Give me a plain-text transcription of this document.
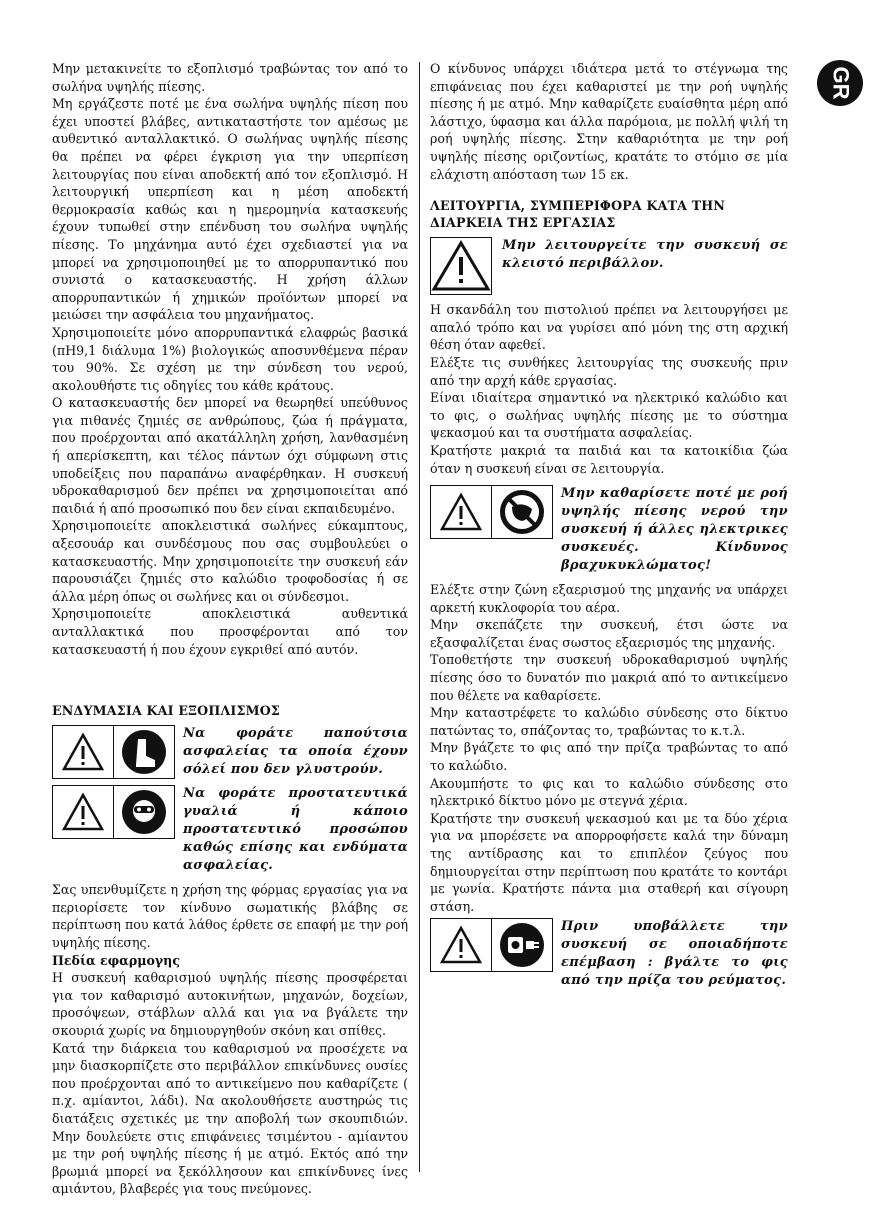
GR

Μην μετακινείτε το εξοπλισμό τραβώντας τον από το σωλήνα υψηλής πίεσης.

Μη εργάζεστε ποτέ με ένα σωλήνα υψηλής πίεση που έχει υποστεί βλάβες, αντικαταστήστε τον αμέσως με αυθεντικό ανταλλακτικό. Ο σωλήνας υψηλής πίεσης θα πρέπει να φέρει έγκριση για την υπερπίεση λειτουργίας που είναι αποδεκτή από τον εξοπλισμό. Η λειτουργική υπερπίεση και η μέση αποδεκτή θερμοκρασία καθώς και η ημερομηνία κατασκευής έχουν τυπωθεί στην επένδυση του σωλήνα υψηλής πίεσης. Το μηχάνημα αυτό έχει σχεδιαστεί για να μπορεί να χρησιμοποιηθεί με το απορρυπαντικό που συνιστά ο κατασκευαστής. Η χρήση άλλων απορρυπαντικών ή χημικών προϊόντων μπορεί να μειώσει την ασφάλεια του μηχανήματος.

Χρησιμοποιείτε μόνο απορρυπαντικά ελαφρώς βασικά (πΗ9,1 διάλυμα 1%) βιολογικώς αποσυνθέμενα πέραν του 90%. Σε σχέση με την σύνδεση του νερού, ακολουθήστε τις οδηγίες του κάθε κράτους.

Ο κατασκευαστής δεν μπορεί να θεωρηθεί υπεύθυνος για πιθανές ζημιές σε ανθρώπους, ζώα ή πράγματα, που προέρχονται από ακατάλληλη χρήση, λανθασμένη ή απερίσκεπτη, και τέλος πάντων όχι σύμφωνη στις υποδείξεις που παραπάνω αναφέρθηκαν. Η συσκευή υδροκαθαρισμού δεν πρέπει να χρησιμοποιείται από παιδιά ή από προσωπικό που δεν είναι εκπαιδευμένο.

Χρησιμοποιείτε αποκλειστικά σωλήνες εύκαμπτους, αξεσουάρ και συνδέσμους που σας συμβουλεύει ο κατασκευαστής. Μην χρησιμοποιείτε την συσκευή εάν παρουσιάζει ζημιές στο καλώδιο τροφοδοσίας ή σε άλλα μέρη όπως οι σωλήνες και οι σύνδεσμοι.

Χρησιμοποιείτε αποκλειστικά αυθεντικά ανταλλακτικά που προσφέρονται από τον κατασκευαστή ή που έχουν εγκριθεί από αυτόν.

ΕΝΔΥΜΑΣΙΑ ΚΑΙ ΕΞΟΠΛΙΣΜΟΣ
Να φοράτε παπούτσια ασφαλείας τα οποία έχουν σόλεί που δεν γλυστρούν.
Να φοράτε προστατευτικά γυαλιά ή κάποιο προστατευτικό προσώπου καθώς επίσης και ενδύματα ασφαλείας.

Σας υπενθυμίζετε η χρήση της φόρμας εργασίας για να περιορίσετε τον κίνδυνο σωματικής βλάβης σε περίπτωση που κατά λάθος έρθετε σε επαφή με την ροή υψηλής πίεσης.

Πεδία εφαρμογης

Η συσκευή καθαρισμού υψηλής πίεσης προσφέρεται για τον καθαρισμό αυτοκινήτων, μηχανών, δοχείων, προσόψεων, στάβλων αλλά και για να βγάλετε την σκουριά χωρίς να δημιουργηθούν σκόνη και σπίθες.

Κατά την διάρκεια του καθαρισμού να προσέχετε να μην διασκορπίζετε στο περιβάλλον επικίνδυνες ουσίες που προέρχονται από το αντικείμενο που καθαρίζετε ( π.χ. αμίαντοι, λάδι). Να ακολουθήσετε αυστηρώς τις διατάξεις σχετικές με την αποβολή των σκουπιδιών. Μην δουλεύετε στις επιφάνειες τσιμέντου - αμίαντου με την ροή υψηλής πίεσης ή με ατμό. Εκτός από την βρωμιά μπορεί να ξεκόλλησουν και επικίνδυνες ίνες αμιάντου, βλαβερές για τους πνεύμονες.

Ο κίνδυνος υπάρχει ιδιάτερα μετά το στέγνωμα της επιφάνειας που έχει καθαριστεί με την ροή υψηλής πίεσης ή με ατμό. Μην καθαρίζετε ευαίσθητα μέρη από λάστιχο, ύφασμα και άλλα παρόμοια, με πολλή ψιλή τη ροή υψηλής πίεσης. Στην καθαριότητα με την ροή υψηλής πίεσης οριζοντίως, κρατάτε το στόμιο σε μία ελάχιστη απόσταση των 15 εκ.

ΛΕΙΤΟΥΡΓΙΑ, ΣΥΜΠΕΡΙΦΟΡΑ ΚΑΤΑ ΤΗΝ ΔΙΑΡΚΕΙΑ ΤΗΣ ΕΡΓΑΣΙΑΣ
Μην λειτουργείτε την συσκευή σε κλειστό περιβάλλον.

Η σκανδάλη του πιστολιού πρέπει να λειτουργήσει με απαλό τρόπο και να γυρίσει από μόνη της στη αρχική θέση όταν αφεθεί.

Ελέξτε τις συνθήκες λειτουργίας της συσκευής πριν από την αρχή κάθε εργασίας.

Είναι ιδιαίτερα σημαντικό να ηλεκτρικό καλώδιο και το φις, ο σωλήνας υψηλής πίεσης με το σύστημα ψεκασμού και τα συστήματα ασφαλείας.

Κρατήστε μακριά τα παιδιά και τα κατοικίδια ζώα όταν η συσκευή είναι σε λειτουργία.

Μην καθαρίσετε ποτέ με ροή υψηλής πίεσης νερού την συσκευή ή άλλες ηλεκτρικες συσκευές. Κίνδυνος βραχυκυκλώματος!

Ελέξτε στην ζώνη εξαερισμού της μηχανής να υπάρχει αρκετή κυκλοφορία του αέρα.

Μην σκεπάζετε την συσκευή, έτσι ώστε να εξασφαλίζεται ένας σωστος εξαερισμός της μηχανής.

Τοποθετήστε την συσκευή υδροκαθαρισμού υψηλής πίεσης όσο το δυνατόν πιο μακριά από το αντικείμενο που θέλετε να καθαρίσετε.

Μην καταστρέφετε το καλώδιο σύνδεσης στο δίκτυο πατώντας το, σπάζοντας το, τραβώντας το κ.τ.λ.

Μην βγάζετε το φις από την πρίζα τραβώντας το από το καλώδιο.

Ακουμπήστε το φις και το καλώδιο σύνδεσης στο ηλεκτρικό δίκτυο μόνο με στεγνά χέρια.

Κρατήστε την συσκευή ψεκασμού και με τα δύο χέρια για να μπορέσετε να απορροφήσετε καλά την δύναμη της αντίδρασης και το επιπλέον ζεύγος που δημιουργείται στην περίπτωση που κρατάτε το κοντάρι με γωνία. Κρατήστε πάντα μια σταθερή και σίγουρη στάση.

Πριν υποβάλλετε την συσκευή σε οποιαδήποτε επέμβαση : βγάλτε το φις από την πρίζα του ρεύματος.
